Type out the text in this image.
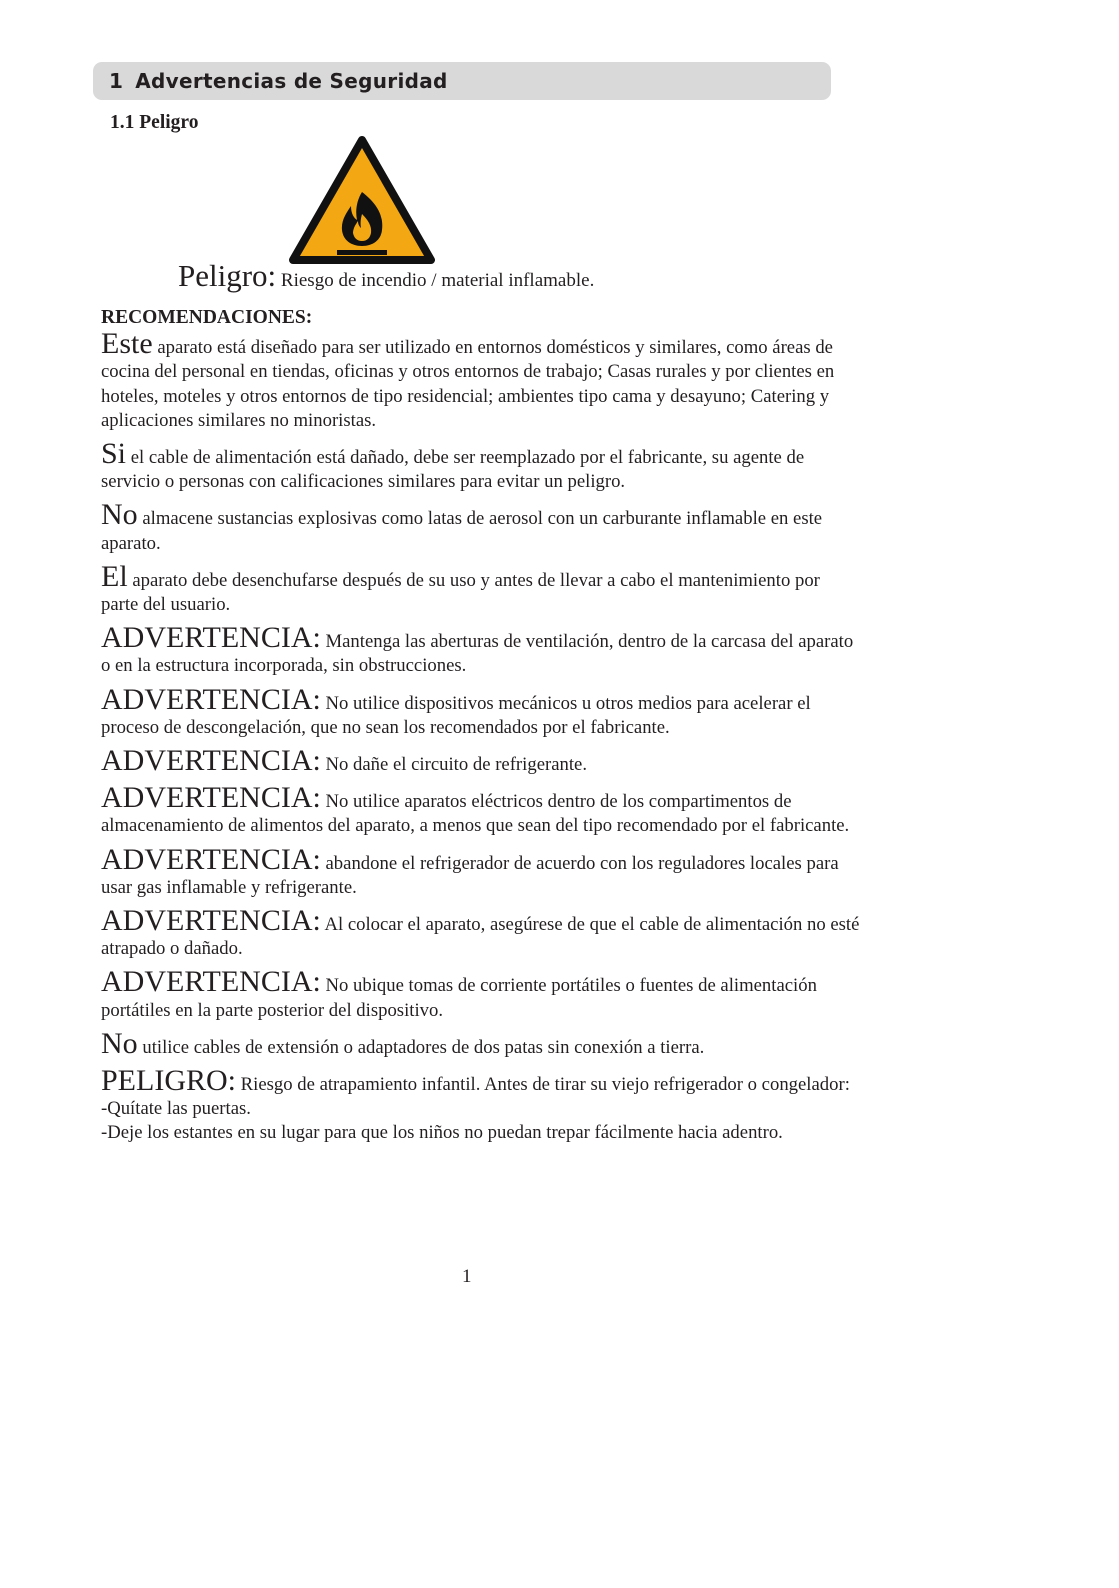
1 Advertencias de Seguridad
1.1 Peligro
Peligro: Riesgo de incendio / material inflamable.
RECOMENDACIONES:

Este aparato está diseñado para ser utilizado en entornos domésticos y similares, como áreas de cocina del personal en tiendas, oficinas y otros entornos de trabajo; Casas rurales y por clientes en hoteles, moteles y otros entornos de tipo residencial; ambientes tipo cama y desayuno; Catering y aplicaciones similares no minoristas.

Si el cable de alimentación está dañado, debe ser reemplazado por el fabricante, su agente de servicio o personas con calificaciones similares para evitar un peligro.

No almacene sustancias explosivas como latas de aerosol con un carburante inflamable en este aparato.

El aparato debe desenchufarse después de su uso y antes de llevar a cabo el mantenimiento por parte del usuario.

ADVERTENCIA: Mantenga las aberturas de ventilación, dentro de la carcasa del aparato o en la estructura incorporada, sin obstrucciones.

ADVERTENCIA: No utilice dispositivos mecánicos u otros medios para acelerar el proceso de descongelación, que no sean los recomendados por el fabricante.

ADVERTENCIA: No dañe el circuito de refrigerante.

ADVERTENCIA: No utilice aparatos eléctricos dentro de los compartimentos de almacenamiento de alimentos del aparato, a menos que sean del tipo recomendado por el fabricante.

ADVERTENCIA: abandone el refrigerador de acuerdo con los reguladores locales para usar gas inflamable y refrigerante.

ADVERTENCIA: Al colocar el aparato, asegúrese de que el cable de alimentación no esté atrapado o dañado.

ADVERTENCIA: No ubique tomas de corriente portátiles o fuentes de alimentación portátiles en la parte posterior del dispositivo.

No utilice cables de extensión o adaptadores de dos patas sin conexión a tierra.

PELIGRO: Riesgo de atrapamiento infantil. Antes de tirar su viejo refrigerador o congelador:

-Quítate las puertas.

-Deje los estantes en su lugar para que los niños no puedan trepar fácilmente hacia adentro.

1
